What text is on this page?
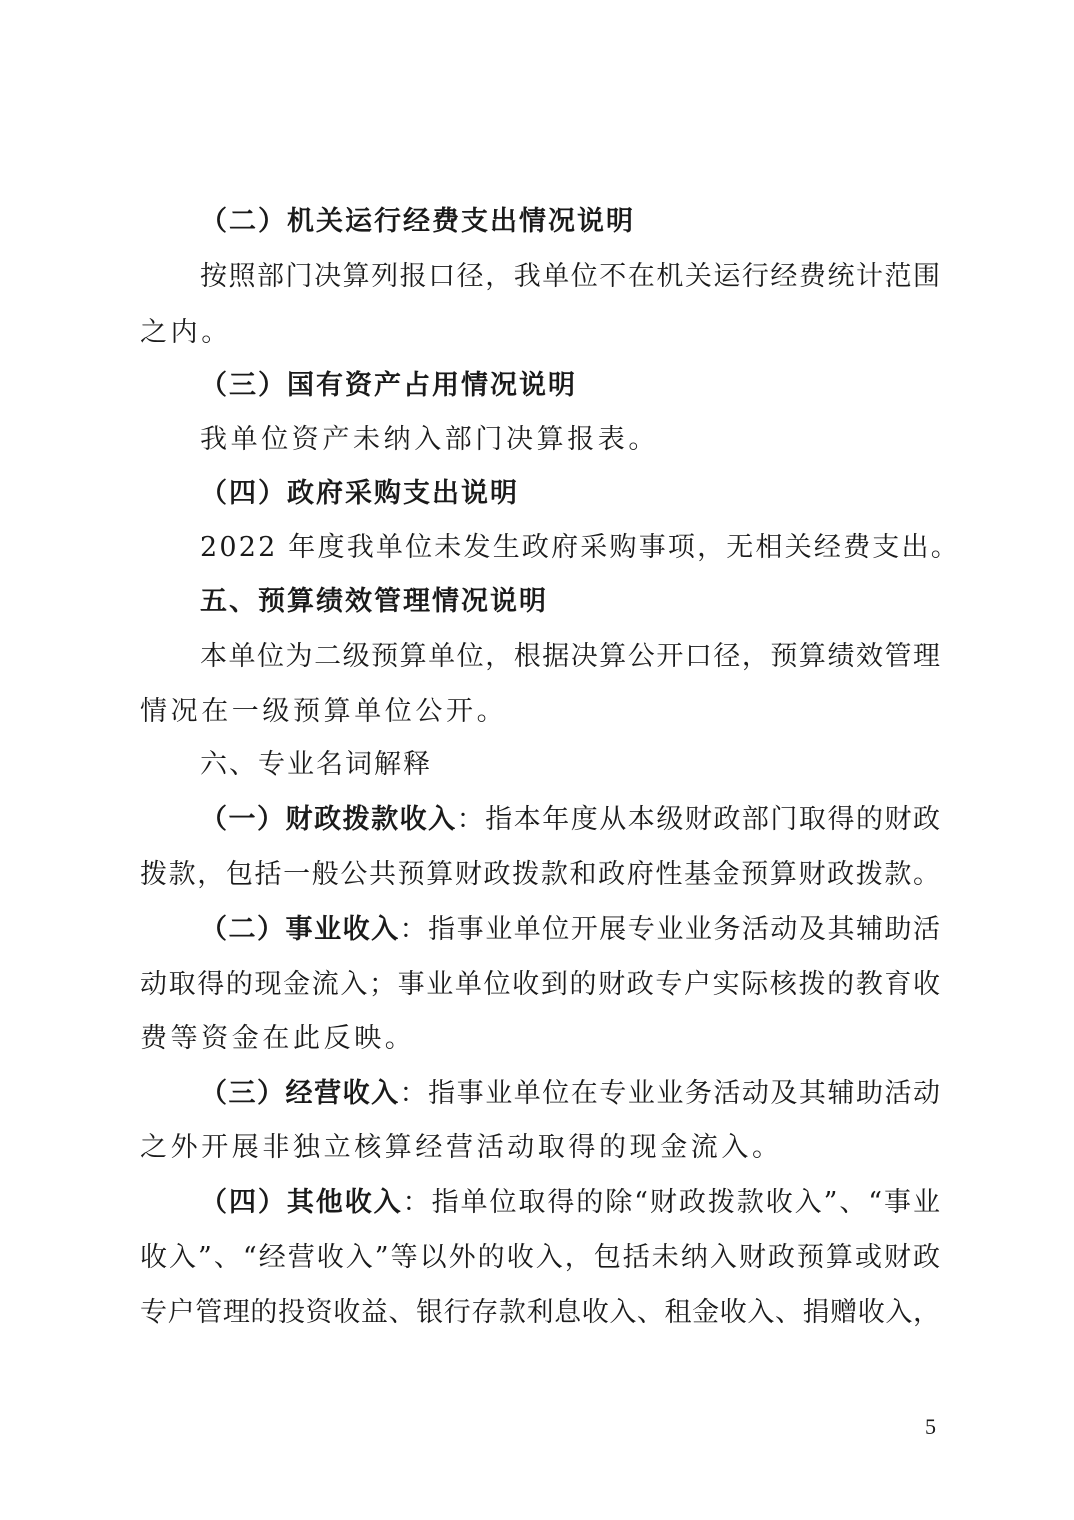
（二）机关运行经费支出情况说明
按照部门决算列报口径，我单位不在机关运行经费统计范围
之内。
（三）国有资产占用情况说明
我单位资产未纳入部门决算报表。
（四）政府采购支出说明
2022 年度我单位未发生政府采购事项，无相关经费支出。
五、预算绩效管理情况说明
本单位为二级预算单位，根据决算公开口径，预算绩效管理
情况在一级预算单位公开。
六、专业名词解释
（一）财政拨款收入：指本年度从本级财政部门取得的财政
拨款，包括一般公共预算财政拨款和政府性基金预算财政拨款。
（二）事业收入：指事业单位开展专业业务活动及其辅助活
动取得的现金流入；事业单位收到的财政专户实际核拨的教育收
费等资金在此反映。
（三）经营收入：指事业单位在专业业务活动及其辅助活动
之外开展非独立核算经营活动取得的现金流入。
（四）其他收入：指单位取得的除“财政拨款收入”、“事业
收入”、“经营收入”等以外的收入，包括未纳入财政预算或财政
专户管理的投资收益、银行存款利息收入、租金收入、捐赠收入，
5
